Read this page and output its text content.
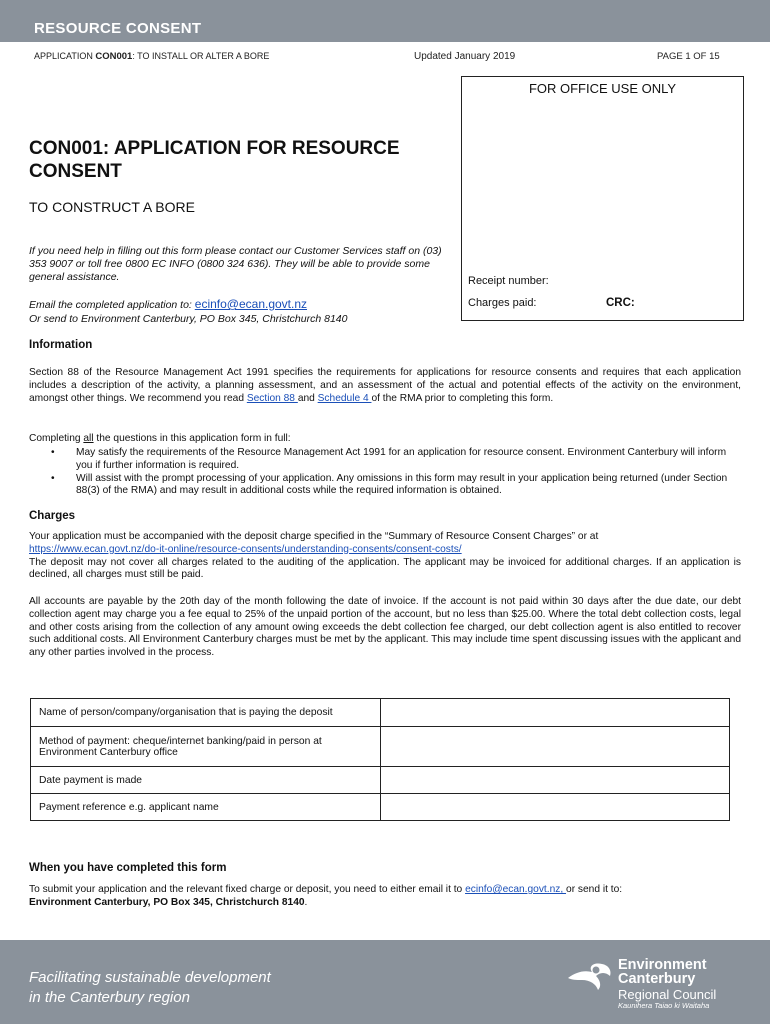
RESOURCE CONSENT
APPLICATION CON001: TO INSTALL OR ALTER A BORE	Updated January 2019	PAGE 1 OF 15
FOR OFFICE USE ONLY
Receipt number:
Charges paid:	CRC:
CON001: APPLICATION FOR RESOURCE CONSENT
TO CONSTRUCT A BORE
If you need help in filling out this form please contact our Customer Services staff on (03) 353 9007 or toll free 0800 EC INFO (0800 324 636). They will be able to provide some general assistance.
Email the completed application to: ecinfo@ecan.govt.nz
Or send to Environment Canterbury, PO Box 345, Christchurch 8140
Information
Section 88 of the Resource Management Act 1991 specifies the requirements for applications for resource consents and requires that each application includes a description of the activity, a planning assessment, and an assessment of the actual and potential effects of the activity on the environment, amongst other things. We recommend you read Section 88 and Schedule 4 of the RMA prior to completing this form.
Completing all the questions in this application form in full:
• May satisfy the requirements of the Resource Management Act 1991 for an application for resource consent. Environment Canterbury will inform you if further information is required.
• Will assist with the prompt processing of your application. Any omissions in this form may result in your application being returned (under Section 88(3) of the RMA) and may result in additional costs while the required information is obtained.
Charges
Your application must be accompanied with the deposit charge specified in the “Summary of Resource Consent Charges” or at
https://www.ecan.govt.nz/do-it-online/resource-consents/understanding-consents/consent-costs/
The deposit may not cover all charges related to the auditing of the application. The applicant may be invoiced for additional charges. If an application is declined, all charges must still be paid.
All accounts are payable by the 20th day of the month following the date of invoice. If the account is not paid within 30 days after the due date, our debt collection agent may charge you a fee equal to 25% of the unpaid portion of the account, but no less than $25.00. Where the total debt collection costs, legal and other costs arising from the collection of any amount owing exceeds the debt collection fee charged, our debt collection agent is also entitled to recover such additional costs. All Environment Canterbury charges must be met by the applicant. This may include time spent discussing issues with the applicant and any other parties involved in the process.
Name of person/company/organisation that is paying the deposit	
Method of payment: cheque/internet banking/paid in person at Environment Canterbury office	
Date payment is made	
Payment reference e.g. applicant name	
When you have completed this form
To submit your application and the relevant fixed charge or deposit, you need to either email it to ecinfo@ecan.govt.nz, or send it to:
Environment Canterbury, PO Box 345, Christchurch 8140.
Facilitating sustainable development
in the Canterbury region
Environment
Canterbury
Regional Council
Kaunihera Taiao ki Waitaha
